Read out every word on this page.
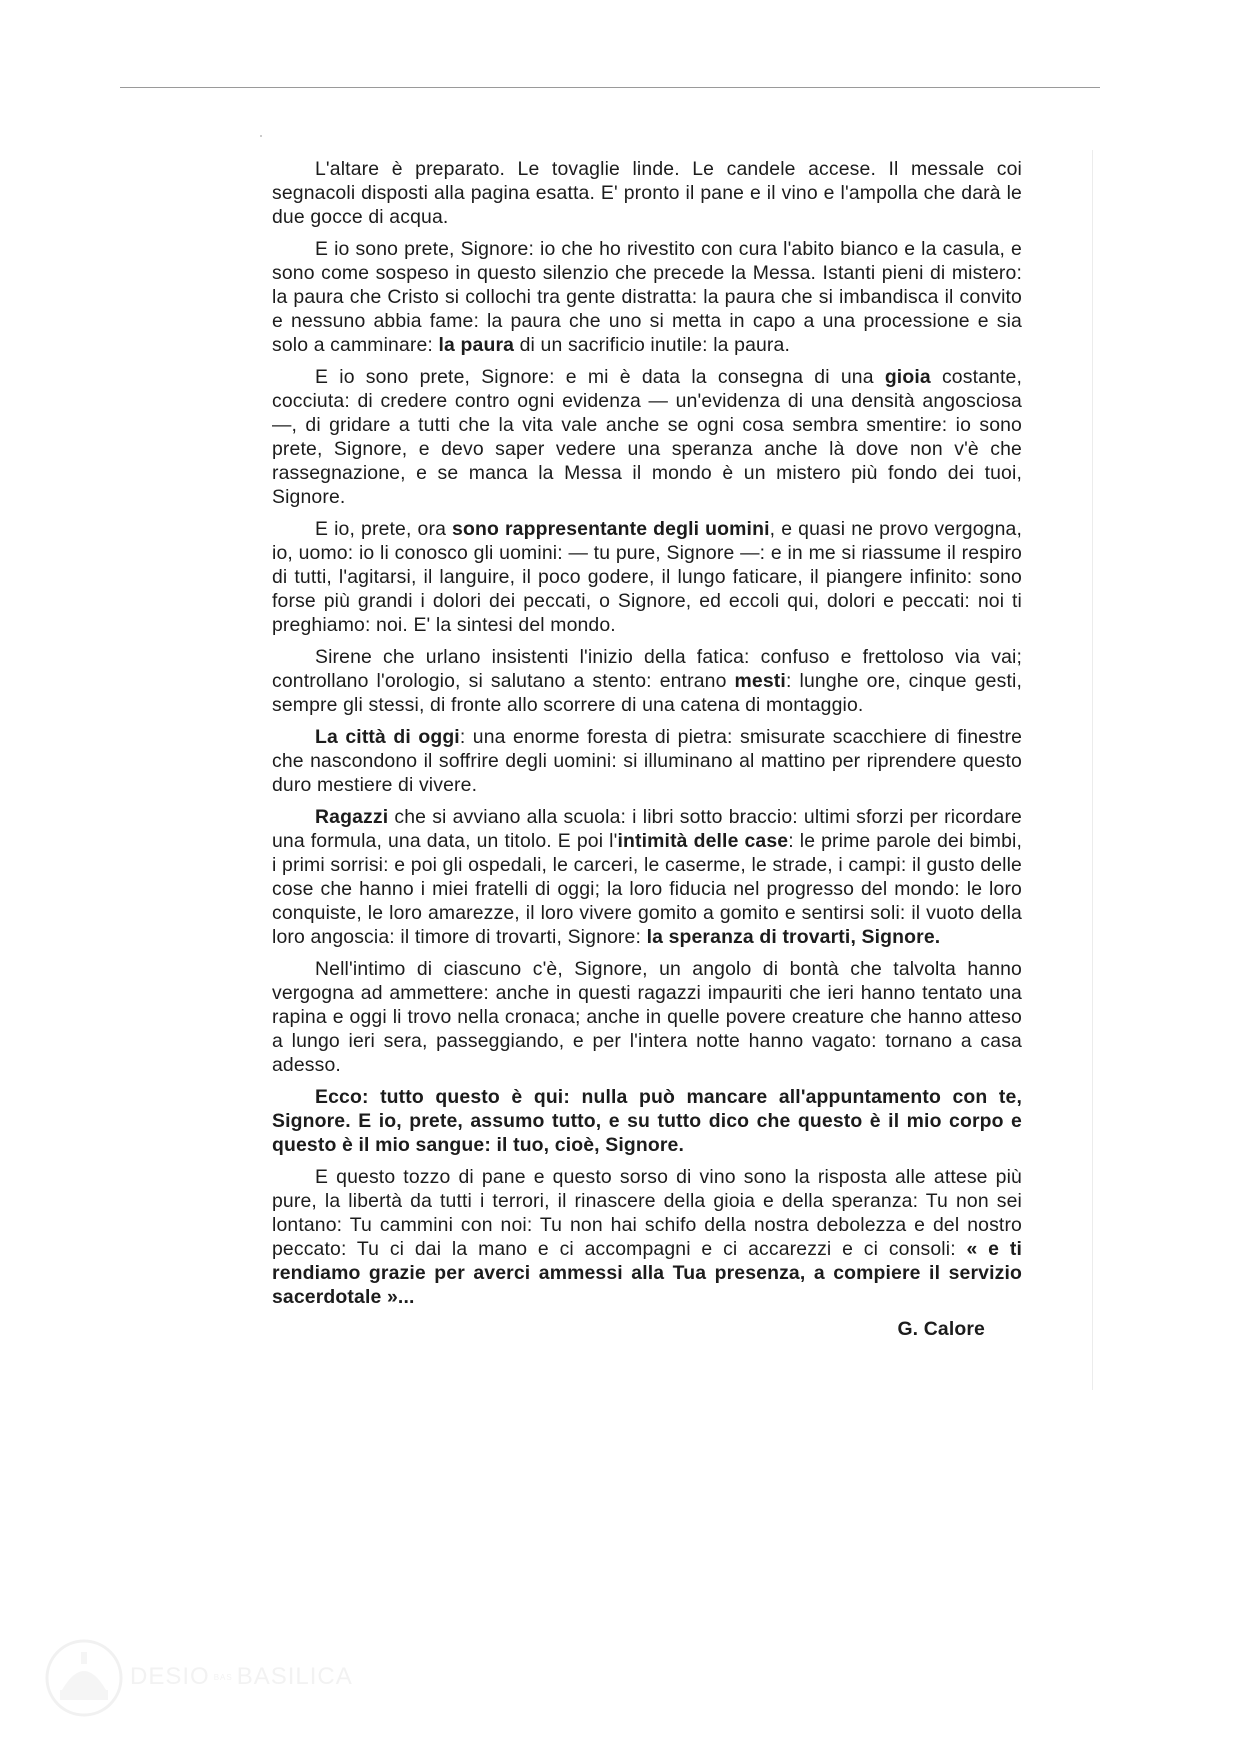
L'altare è preparato. Le tovaglie linde. Le candele accese. Il messale coi segnacoli disposti alla pagina esatta. E' pronto il pane e il vino e l'ampolla che darà le due gocce di acqua.

E io sono prete, Signore: io che ho rivestito con cura l'abito bianco e la casula, e sono come sospeso in questo silenzio che precede la Messa. Istanti pieni di mistero: la paura che Cristo si collochi tra gente distratta: la paura che si imbandisca il convito e nessuno abbia fame: la paura che uno si metta in capo a una processione e sia solo a camminare: la paura di un sacrificio inutile: la paura.

E io sono prete, Signore: e mi è data la consegna di una gioia costante, cocciuta: di credere contro ogni evidenza — un'evidenza di una densità angosciosa —, di gridare a tutti che la vita vale anche se ogni cosa sembra smentire: io sono prete, Signore, e devo saper vedere una speranza anche là dove non v'è che rassegnazione, e se manca la Messa il mondo è un mistero più fondo dei tuoi, Signore.

E io, prete, ora sono rappresentante degli uomini, e quasi ne provo vergogna, io, uomo: io li conosco gli uomini: — tu pure, Signore —: e in me si riassume il respiro di tutti, l'agitarsi, il languire, il poco godere, il lungo faticare, il piangere infinito: sono forse più grandi i dolori dei peccati, o Signore, ed eccoli qui, dolori e peccati: noi ti preghiamo: noi. E' la sintesi del mondo.

Sirene che urlano insistenti l'inizio della fatica: confuso e frettoloso via vai; controllano l'orologio, si salutano a stento: entrano mesti: lunghe ore, cinque gesti, sempre gli stessi, di fronte allo scorrere di una catena di montaggio.

La città di oggi: una enorme foresta di pietra: smisurate scacchiere di finestre che nascondono il soffrire degli uomini: si illuminano al mattino per riprendere questo duro mestiere di vivere.

Ragazzi che si avviano alla scuola: i libri sotto braccio: ultimi sforzi per ricordare una formula, una data, un titolo. E poi l'intimità delle case: le prime parole dei bimbi, i primi sorrisi: e poi gli ospedali, le carceri, le caserme, le strade, i campi: il gusto delle cose che hanno i miei fratelli di oggi; la loro fiducia nel progresso del mondo: le loro conquiste, le loro amarezze, il loro vivere gomito a gomito e sentirsi soli: il vuoto della loro angoscia: il timore di trovarti, Signore: la speranza di trovarti, Signore.

Nell'intimo di ciascuno c'è, Signore, un angolo di bontà che talvolta hanno vergogna ad ammettere: anche in questi ragazzi impauriti che ieri hanno tentato una rapina e oggi li trovo nella cronaca; anche in quelle povere creature che hanno atteso a lungo ieri sera, passeggiando, e per l'intera notte hanno vagato: tornano a casa adesso.

Ecco: tutto questo è qui: nulla può mancare all'appuntamento con te, Signore. E io, prete, assumo tutto, e su tutto dico che questo è il mio corpo e questo è il mio sangue: il tuo, cioè, Signore.

E questo tozzo di pane e questo sorso di vino sono la risposta alle attese più pure, la libertà da tutti i terrori, il rinascere della gioia e della speranza: Tu non sei lontano: Tu cammini con noi: Tu non hai schifo della nostra debolezza e del nostro peccato: Tu ci dai la mano e ci accompagni e ci accarezzi e ci consoli: « e ti rendiamo grazie per averci ammessi alla Tua presenza, a compiere il servizio sacerdotale »...

G. Calore

DESIO BAS BASILICA
